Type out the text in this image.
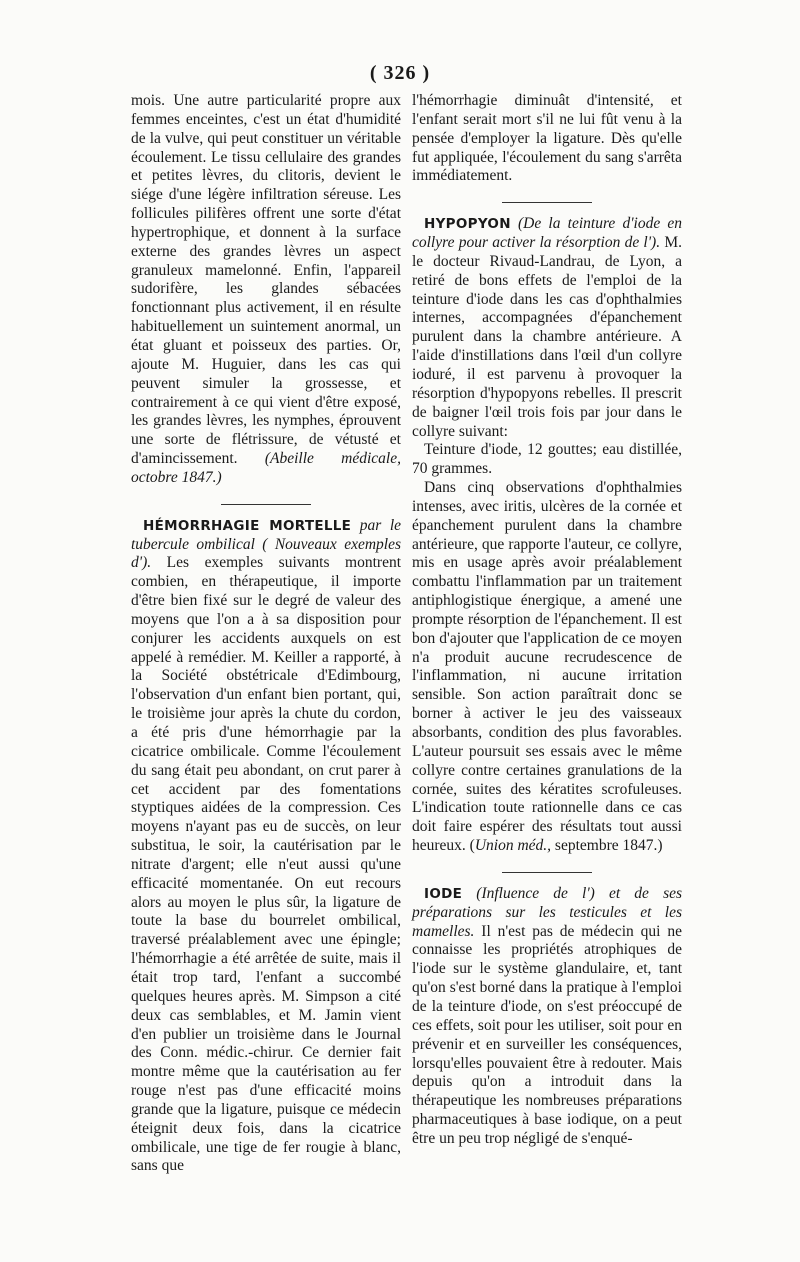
( 326 )

mois. Une autre particularité propre aux femmes enceintes, c'est un état d'humidité de la vulve, qui peut constituer un véritable écoulement. Le tissu cellulaire des grandes et petites lèvres, du clitoris, devient le siége d'une légère infiltration séreuse. Les follicules pilifères offrent une sorte d'état hypertrophique, et donnent à la surface externe des grandes lèvres un aspect granuleux mamelonné. Enfin, l'appareil sudorifère, les glandes sébacées fonctionnant plus activement, il en résulte habituellement un suintement anormal, un état gluant et poisseux des parties. Or, ajoute M. Huguier, dans les cas qui peuvent simuler la grossesse, et contrairement à ce qui vient d'être exposé, les grandes lèvres, les nymphes, éprouvent une sorte de flétrissure, de vétusté et d'amincissement. (Abeille médicale, octobre 1847.)

HÉMORRHAGIE MORTELLE par le tubercule ombilical ( Nouveaux exemples d'). Les exemples suivants montrent combien, en thérapeutique, il importe d'être bien fixé sur le degré de valeur des moyens que l'on a à sa disposition pour conjurer les accidents auxquels on est appelé à remédier. M. Keiller a rapporté, à la Société obstétricale d'Edimbourg, l'observation d'un enfant bien portant, qui, le troisième jour après la chute du cordon, a été pris d'une hémorrhagie par la cicatrice ombilicale. Comme l'écoulement du sang était peu abondant, on crut parer à cet accident par des fomentations styptiques aidées de la compression. Ces moyens n'ayant pas eu de succès, on leur substitua, le soir, la cautérisation par le nitrate d'argent; elle n'eut aussi qu'une efficacité momentanée. On eut recours alors au moyen le plus sûr, la ligature de toute la base du bourrelet ombilical, traversé préalablement avec une épingle; l'hémorrhagie a été arrêtée de suite, mais il était trop tard, l'enfant a succombé quelques heures après. M. Simpson a cité deux cas semblables, et M. Jamin vient d'en publier un troisième dans le Journal des Conn. médic.-chirur. Ce dernier fait montre même que la cautérisation au fer rouge n'est pas d'une efficacité moins grande que la ligature, puisque ce médecin éteignit deux fois, dans la cicatrice ombilicale, une tige de fer rougie à blanc, sans que

l'hémorrhagie diminuât d'intensité, et l'enfant serait mort s'il ne lui fût venu à la pensée d'employer la ligature. Dès qu'elle fut appliquée, l'écoulement du sang s'arrêta immédiatement.

HYPOPYON (De la teinture d'iode en collyre pour activer la résorption de l'). M. le docteur Rivaud-Landrau, de Lyon, a retiré de bons effets de l'emploi de la teinture d'iode dans les cas d'ophthalmies internes, accompagnées d'épanchement purulent dans la chambre antérieure. A l'aide d'instillations dans l'œil d'un collyre ioduré, il est parvenu à provoquer la résorption d'hypopyons rebelles. Il prescrit de baigner l'œil trois fois par jour dans le collyre suivant:

Teinture d'iode, 12 gouttes; eau distillée, 70 grammes.

Dans cinq observations d'ophthalmies intenses, avec iritis, ulcères de la cornée et épanchement purulent dans la chambre antérieure, que rapporte l'auteur, ce collyre, mis en usage après avoir préalablement combattu l'inflammation par un traitement antiphlogistique énergique, a amené une prompte résorption de l'épanchement. Il est bon d'ajouter que l'application de ce moyen n'a produit aucune recrudescence de l'inflammation, ni aucune irritation sensible. Son action paraîtrait donc se borner à activer le jeu des vaisseaux absorbants, condition des plus favorables. L'auteur poursuit ses essais avec le même collyre contre certaines granulations de la cornée, suites des kératites scrofuleuses. L'indication toute rationnelle dans ce cas doit faire espérer des résultats tout aussi heureux. (Union méd., septembre 1847.)

IODE (Influence de l') et de ses préparations sur les testicules et les mamelles. Il n'est pas de médecin qui ne connaisse les propriétés atrophiques de l'iode sur le système glandulaire, et, tant qu'on s'est borné dans la pratique à l'emploi de la teinture d'iode, on s'est préoccupé de ces effets, soit pour les utiliser, soit pour en prévenir et en surveiller les conséquences, lorsqu'elles pouvaient être à redouter. Mais depuis qu'on a introduit dans la thérapeutique les nombreuses préparations pharmaceutiques à base iodique, on a peut être un peu trop négligé de s'enqué-
